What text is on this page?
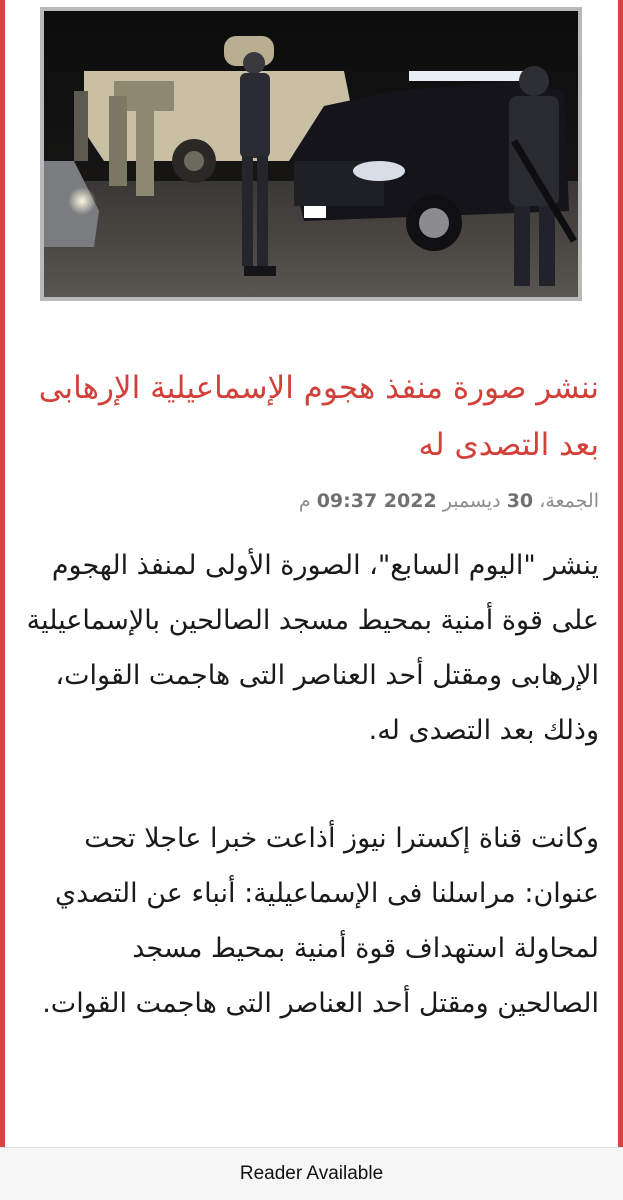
ننشر صورة منفذ هجوم الإسماعيلية الإرهابى بعد التصدى له
الجمعة، 30 ديسمبر 2022 09:37 م

ينشر "اليوم السابع"، الصورة الأولى لمنفذ الهجوم على قوة أمنية بمحيط مسجد الصالحين بالإسماعيلية الإرهابى ومقتل أحد العناصر التى هاجمت القوات، وذلك بعد التصدى له.

وكانت قناة إكسترا نيوز أذاعت خبرا عاجلا تحت عنوان: مراسلنا فى الإسماعيلية: أنباء عن التصدي لمحاولة استهداف قوة أمنية بمحيط مسجد الصالحين ومقتل أحد العناصر التى هاجمت القوات.

Reader Available
